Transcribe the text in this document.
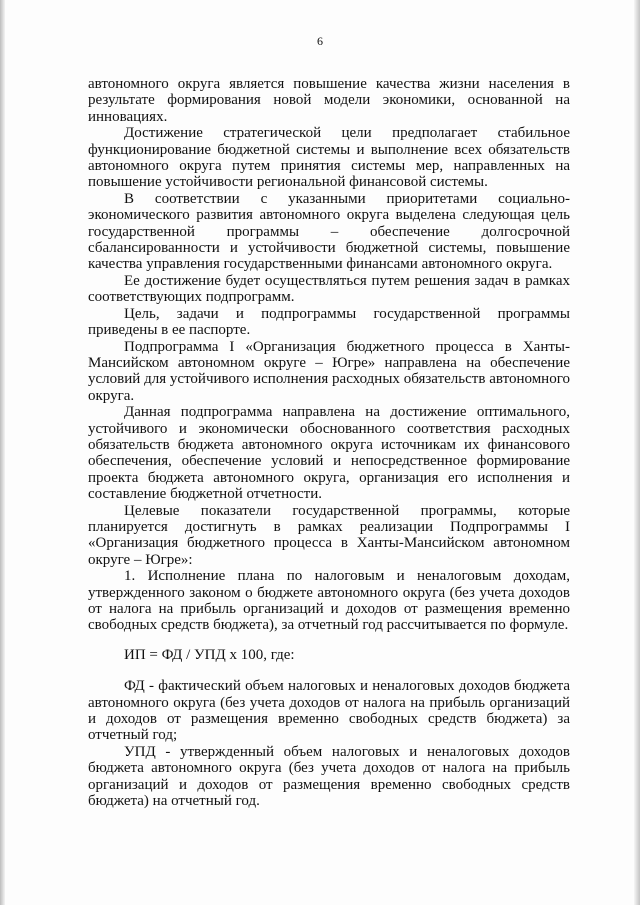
6

автономного округа является повышение качества жизни населения в результате формирования новой модели экономики, основанной на инновациях.

Достижение стратегической цели предполагает стабильное функционирование бюджетной системы и выполнение всех обязательств автономного округа путем принятия системы мер, направленных на повышение устойчивости региональной финансовой системы.

В соответствии с указанными приоритетами социально-экономического развития автономного округа выделена следующая цель государственной программы – обеспечение долгосрочной сбалансированности и устойчивости бюджетной системы, повышение качества управления государственными финансами автономного округа.

Ее достижение будет осуществляться путем решения задач в рамках соответствующих подпрограмм.

Цель, задачи и подпрограммы государственной программы приведены в ее паспорте.

Подпрограмма I «Организация бюджетного процесса в Ханты-Мансийском автономном округе – Югре» направлена на обеспечение условий для устойчивого исполнения расходных обязательств автономного округа.

Данная подпрограмма направлена на достижение оптимального, устойчивого и экономически обоснованного соответствия расходных обязательств бюджета автономного округа источникам их финансового обеспечения, обеспечение условий и непосредственное формирование проекта бюджета автономного округа, организация его исполнения и составление бюджетной отчетности.

Целевые показатели государственной программы, которые планируется достигнуть в рамках реализации Подпрограммы I «Организация бюджетного процесса в Ханты-Мансийском автономном округе – Югре»:

1. Исполнение плана по налоговым и неналоговым доходам, утвержденного законом о бюджете автономного округа (без учета доходов от налога на прибыль организаций и доходов от размещения временно свободных средств бюджета), за отчетный год рассчитывается по формуле.

ИП = ФД / УПД x 100, где:

ФД - фактический объем налоговых и неналоговых доходов бюджета автономного округа (без учета доходов от налога на прибыль организаций и доходов от размещения временно свободных средств бюджета) за отчетный год;

УПД - утвержденный объем налоговых и неналоговых доходов бюджета автономного округа (без учета доходов от налога на прибыль организаций и доходов от размещения временно свободных средств бюджета) на отчетный год.
